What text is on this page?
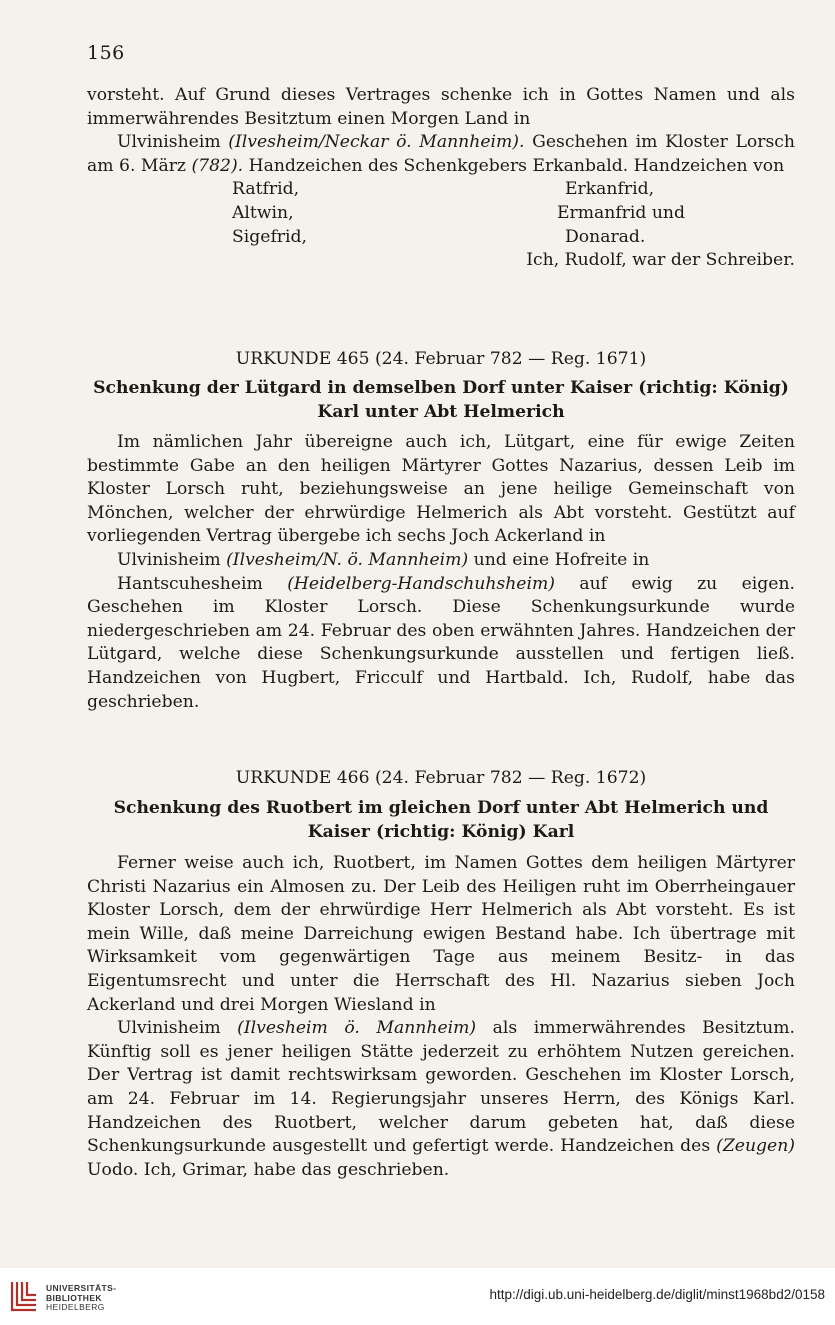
156

vorsteht. Auf Grund dieses Vertrages schenke ich in Gottes Namen und als immerwährendes Besitztum einen Morgen Land in

Ulvinisheim (Ilvesheim/Neckar ö. Mannheim). Geschehen im Kloster Lorsch am 6. März (782). Handzeichen des Schenkgebers Erkanbald. Handzeichen von

Ratfrid,	Erkanfrid,
Altwin,	Ermanfrid und
Sigefrid,	Donarad.

Ich, Rudolf, war der Schreiber.

URKUNDE 465 (24. Februar 782 — Reg. 1671)
Schenkung der Lütgard in demselben Dorf unter Kaiser (richtig: König)
Karl unter Abt Helmerich

Im nämlichen Jahr übereigne auch ich, Lütgart, eine für ewige Zeiten bestimmte Gabe an den heiligen Märtyrer Gottes Nazarius, dessen Leib im Kloster Lorsch ruht, beziehungsweise an jene heilige Gemeinschaft von Mönchen, welcher der ehrwürdige Helmerich als Abt vorsteht. Gestützt auf vorliegenden Vertrag übergebe ich sechs Joch Ackerland in

Ulvinisheim (Ilvesheim/N. ö. Mannheim) und eine Hofreite in

Hantscuhesheim (Heidelberg-Handschuhsheim) auf ewig zu eigen. Geschehen im Kloster Lorsch. Diese Schenkungsurkunde wurde niedergeschrieben am 24. Februar des oben erwähnten Jahres. Handzeichen der Lütgard, welche diese Schenkungsurkunde ausstellen und fertigen ließ. Handzeichen von Hugbert, Fricculf und Hartbald. Ich, Rudolf, habe das geschrieben.

URKUNDE 466 (24. Februar 782 — Reg. 1672)
Schenkung des Ruotbert im gleichen Dorf unter Abt Helmerich und
Kaiser (richtig: König) Karl

Ferner weise auch ich, Ruotbert, im Namen Gottes dem heiligen Märtyrer Christi Nazarius ein Almosen zu. Der Leib des Heiligen ruht im Oberrheingauer Kloster Lorsch, dem der ehrwürdige Herr Helmerich als Abt vorsteht. Es ist mein Wille, daß meine Darreichung ewigen Bestand habe. Ich übertrage mit Wirksamkeit vom gegenwärtigen Tage aus meinem Besitz- in das Eigentumsrecht und unter die Herrschaft des Hl. Nazarius sieben Joch Ackerland und drei Morgen Wiesland in

Ulvinisheim (Ilvesheim ö. Mannheim) als immerwährendes Besitztum. Künftig soll es jener heiligen Stätte jederzeit zu erhöhtem Nutzen gereichen. Der Vertrag ist damit rechtswirksam geworden. Geschehen im Kloster Lorsch, am 24. Februar im 14. Regierungsjahr unseres Herrn, des Königs Karl. Handzeichen des Ruotbert, welcher darum gebeten hat, daß diese Schenkungsurkunde ausgestellt und gefertigt werde. Handzeichen des (Zeugen) Uodo. Ich, Grimar, habe das geschrieben.

UNIVERSITÄTS-
BIBLIOTHEK
HEIDELBERG
http://digi.ub.uni-heidelberg.de/diglit/minst1968bd2/0158
